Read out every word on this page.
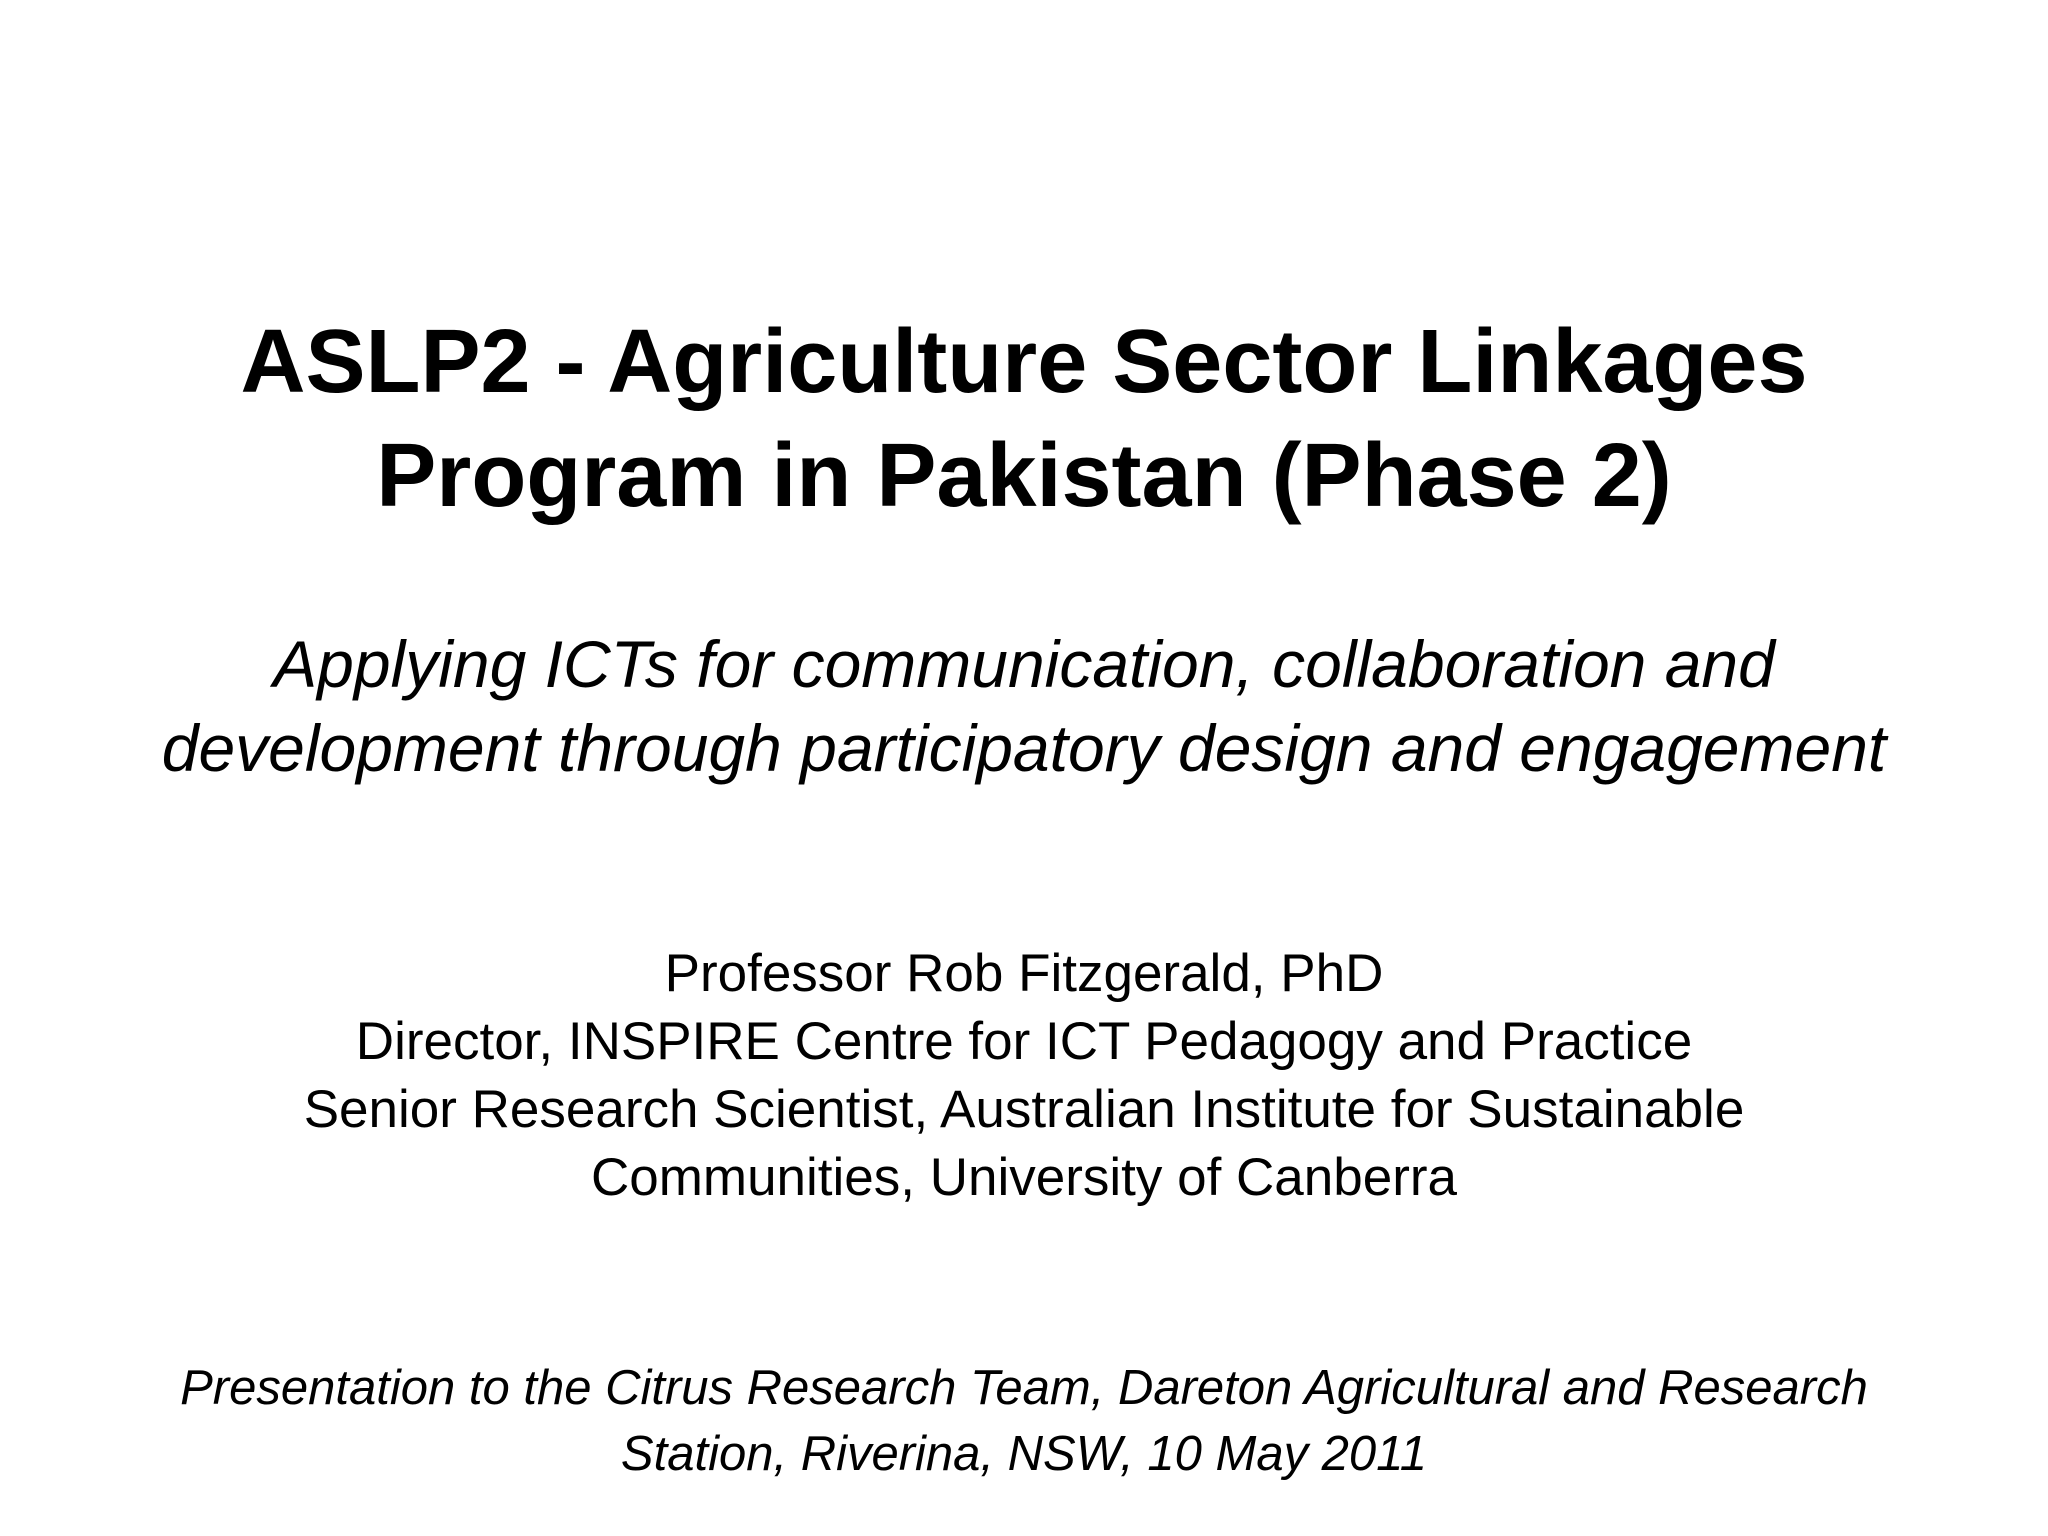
ASLP2 - Agriculture Sector Linkages
Program in Pakistan (Phase 2)
Applying ICTs for communication, collaboration and
development through participatory design and engagement
Professor Rob Fitzgerald, PhD
Director, INSPIRE Centre for ICT Pedagogy and Practice
Senior Research Scientist, Australian Institute for Sustainable
Communities, University of Canberra
Presentation to the Citrus Research Team, Dareton Agricultural and Research
Station, Riverina, NSW, 10 May 2011
